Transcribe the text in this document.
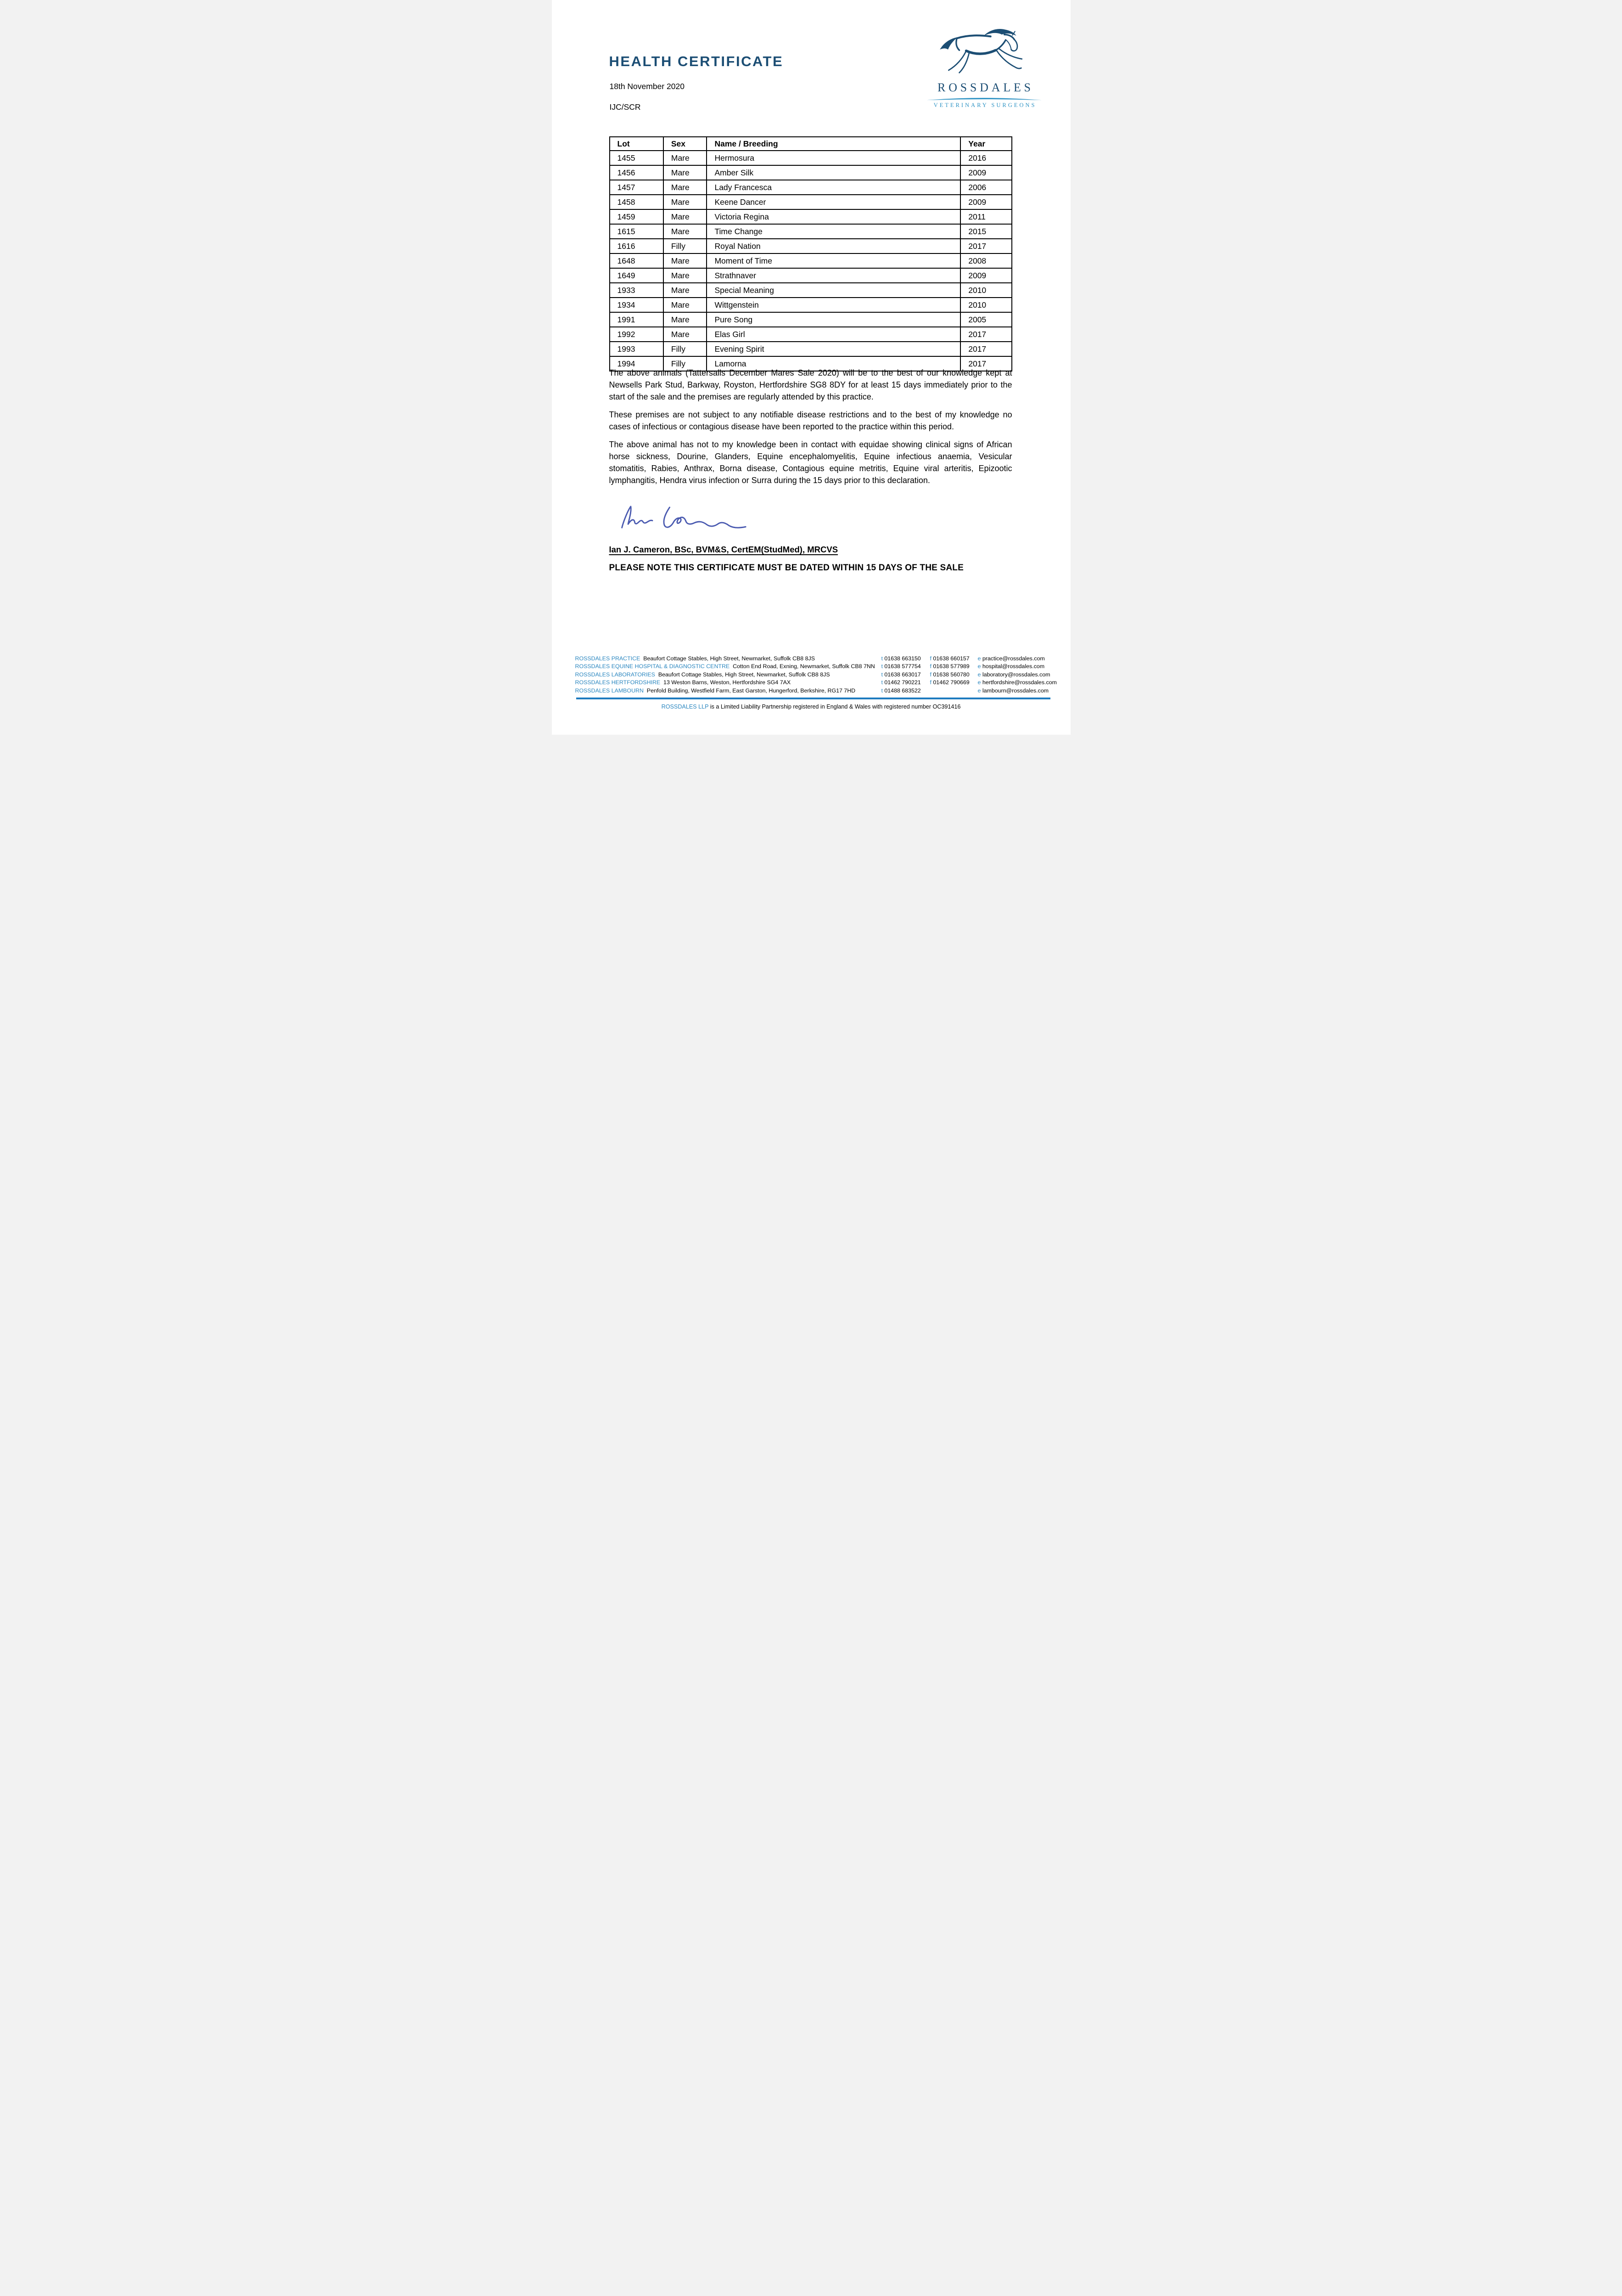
HEALTH CERTIFICATE
18th November 2020
IJC/SCR
ROSSDALES
VETERINARY SURGEONS
Lot	Sex	Name / Breeding	Year
1455	Mare	Hermosura	2016
1456	Mare	Amber Silk	2009
1457	Mare	Lady Francesca	2006
1458	Mare	Keene Dancer	2009
1459	Mare	Victoria Regina	2011
1615	Mare	Time Change	2015
1616	Filly	Royal Nation	2017
1648	Mare	Moment of Time	2008
1649	Mare	Strathnaver	2009
1933	Mare	Special Meaning	2010
1934	Mare	Wittgenstein	2010
1991	Mare	Pure Song	2005
1992	Mare	Elas Girl	2017
1993	Filly	Evening Spirit	2017
1994	Filly	Lamorna	2017

The above animals (Tattersalls December Mares Sale 2020) will be to the best of our knowledge kept at Newsells Park Stud, Barkway, Royston, Hertfordshire SG8 8DY for at least 15 days immediately prior to the start of the sale and the premises are regularly attended by this practice.

These premises are not subject to any notifiable disease restrictions and to the best of my knowledge no cases of infectious or contagious disease have been reported to the practice within this period.

The above animal has not to my knowledge been in contact with equidae showing clinical signs of African horse sickness, Dourine, Glanders, Equine encephalomyelitis, Equine infectious anaemia, Vesicular stomatitis, Rabies, Anthrax, Borna disease, Contagious equine metritis, Equine viral arteritis, Epizootic lymphangitis, Hendra virus infection or Surra during the 15 days prior to this declaration.

Ian J. Cameron, BSc, BVM&S, CertEM(StudMed), MRCVS
PLEASE NOTE THIS CERTIFICATE MUST BE DATED WITHIN 15 DAYS OF THE SALE
ROSSDALES PRACTICE  Beaufort Cottage Stables, High Street, Newmarket, Suffolk CB8 8JS	t 01638 663150	f 01638 660157	e practice@rossdales.com
ROSSDALES EQUINE HOSPITAL & DIAGNOSTIC CENTRE  Cotton End Road, Exning, Newmarket, Suffolk CB8 7NN	t 01638 577754	f 01638 577989	e hospital@rossdales.com
ROSSDALES LABORATORIES  Beaufort Cottage Stables, High Street, Newmarket, Suffolk CB8 8JS	t 01638 663017	f 01638 560780	e laboratory@rossdales.com
ROSSDALES HERTFORDSHIRE  13 Weston Barns, Weston, Hertfordshire SG4 7AX	t 01462 790221	f 01462 790669	e hertfordshire@rossdales.com
ROSSDALES LAMBOURN  Penfold Building, Westfield Farm, East Garston, Hungerford, Berkshire, RG17 7HD	t 01488 683522	e lambourn@rossdales.com
ROSSDALES LLP is a Limited Liability Partnership registered in England & Wales with registered number OC391416
